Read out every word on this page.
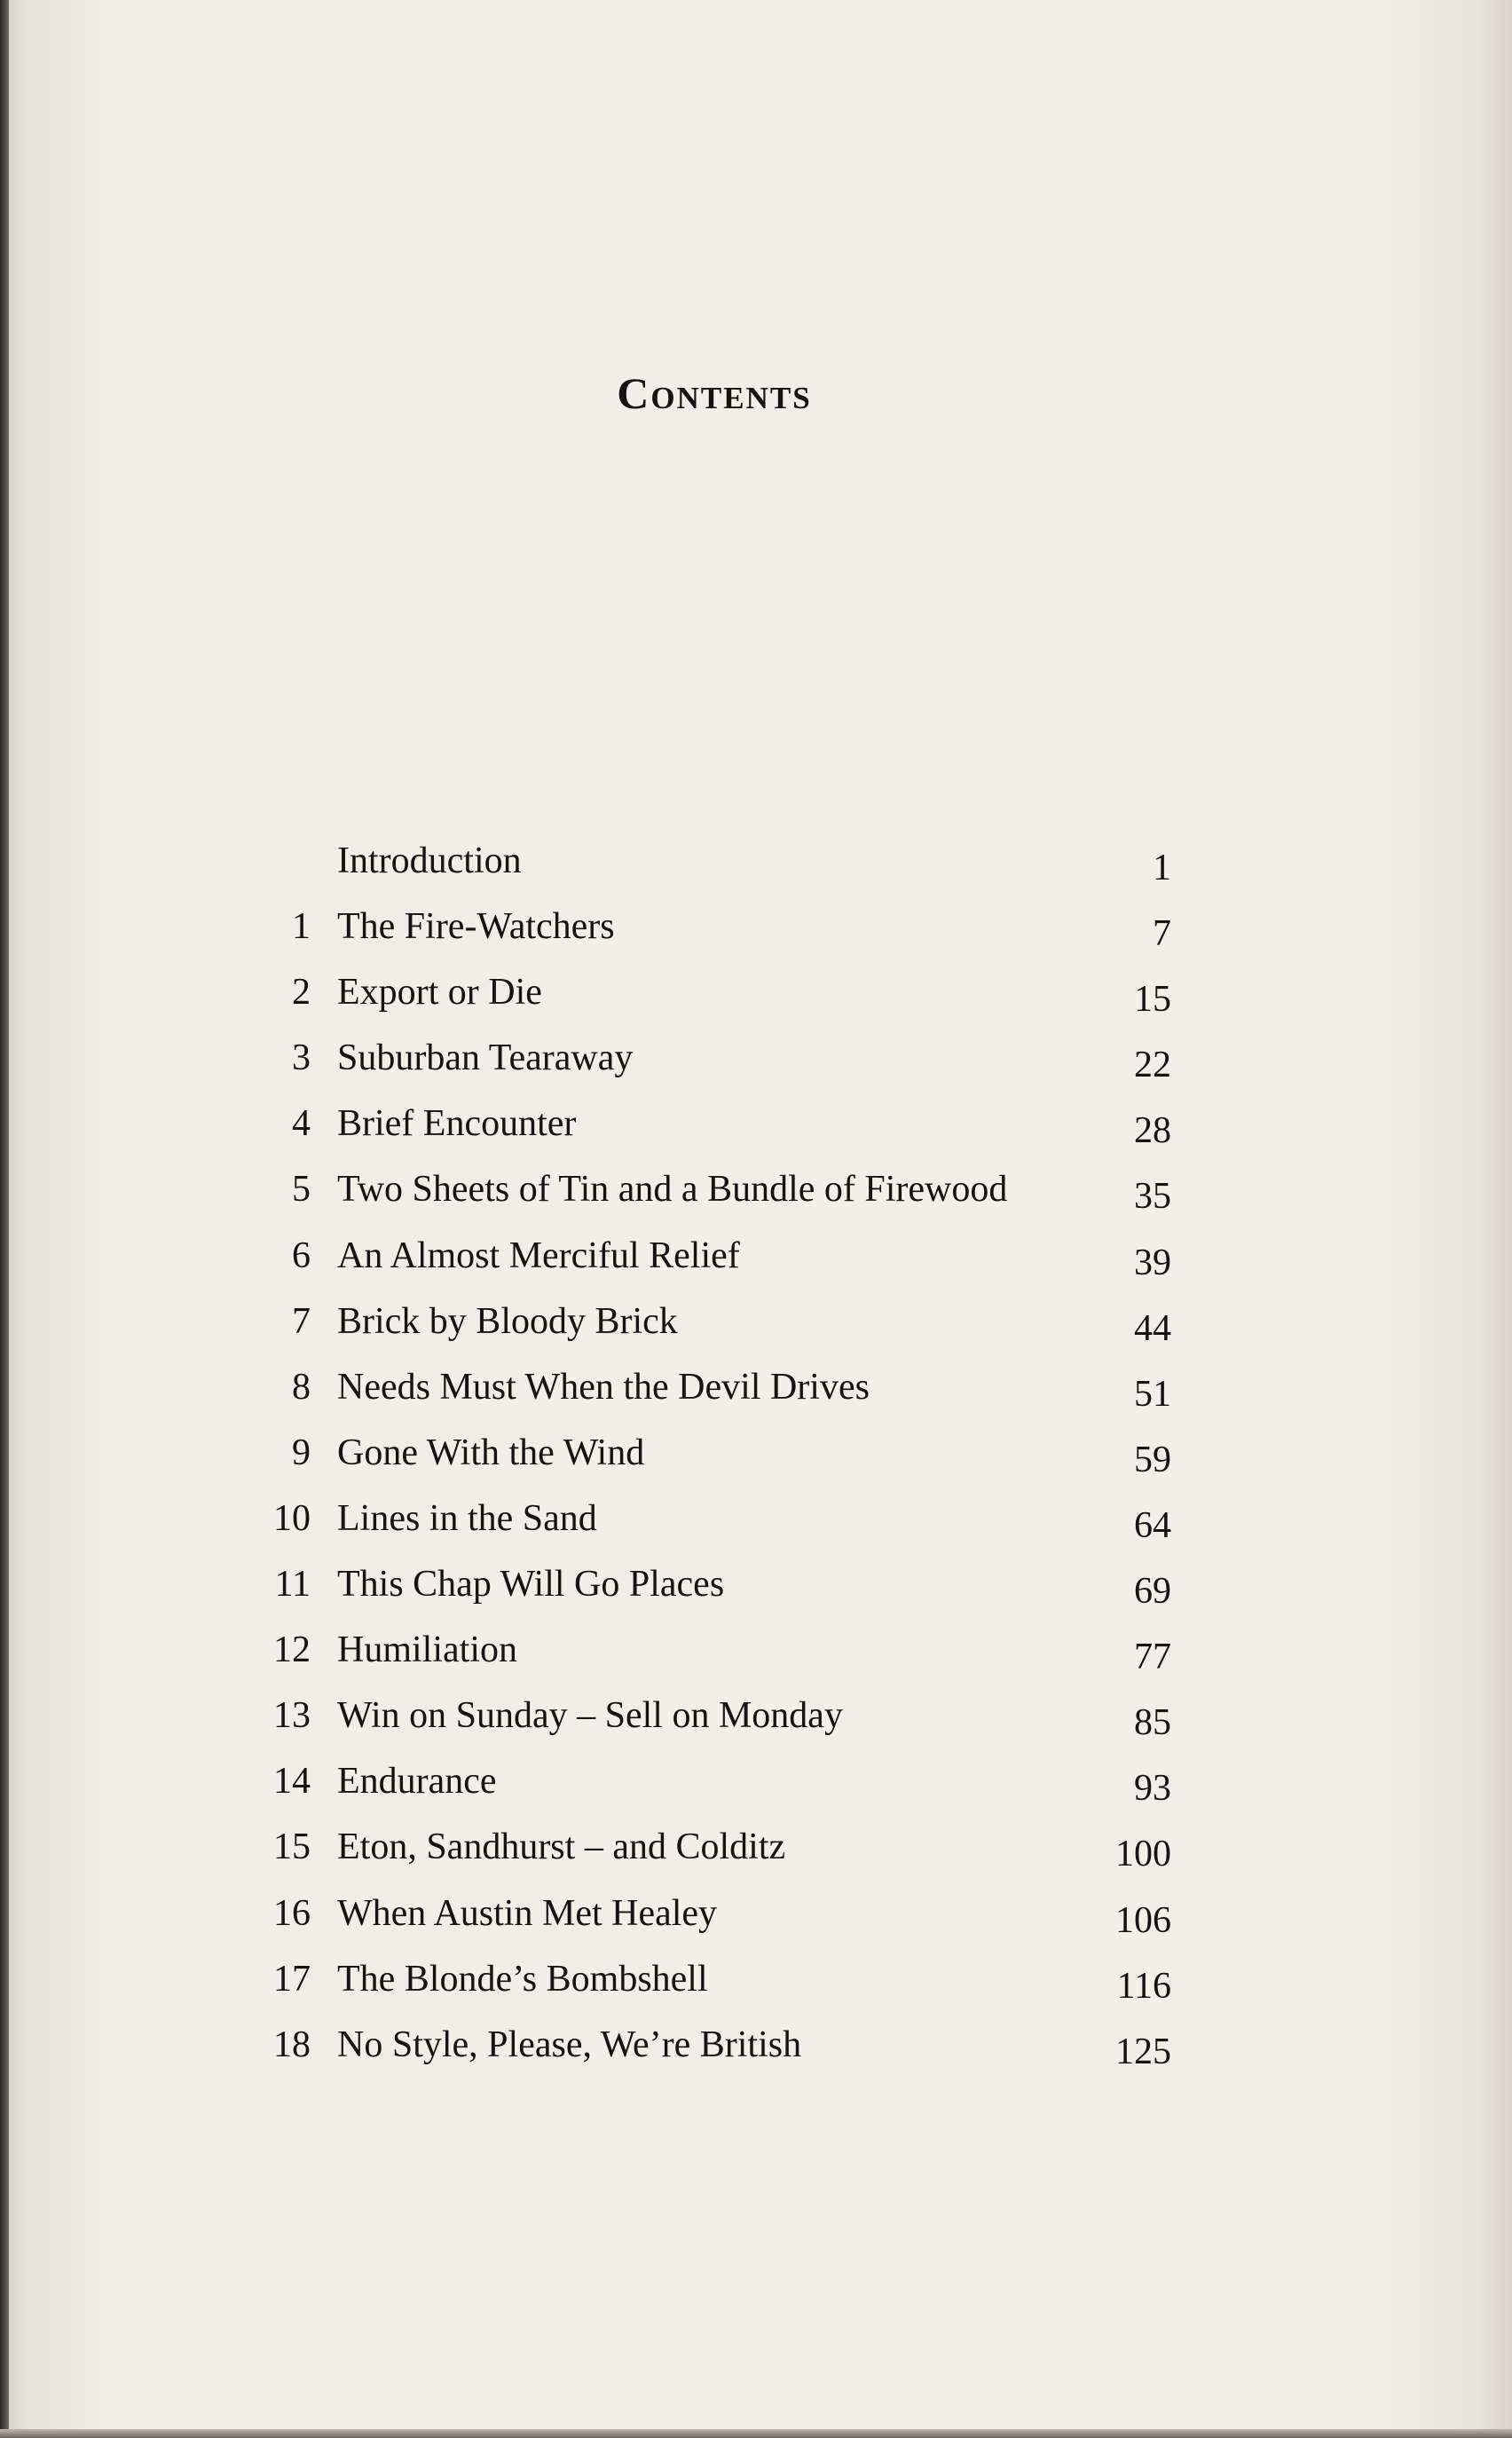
Contents
Introduction	1
1 The Fire-Watchers	7
2 Export or Die	15
3 Suburban Tearaway	22
4 Brief Encounter	28
5 Two Sheets of Tin and a Bundle of Firewood	35
6 An Almost Merciful Relief	39
7 Brick by Bloody Brick	44
8 Needs Must When the Devil Drives	51
9 Gone With the Wind	59
10 Lines in the Sand	64
11 This Chap Will Go Places	69
12 Humiliation	77
13 Win on Sunday – Sell on Monday	85
14 Endurance	93
15 Eton, Sandhurst – and Colditz	100
16 When Austin Met Healey	106
17 The Blonde’s Bombshell	116
18 No Style, Please, We’re British	125
